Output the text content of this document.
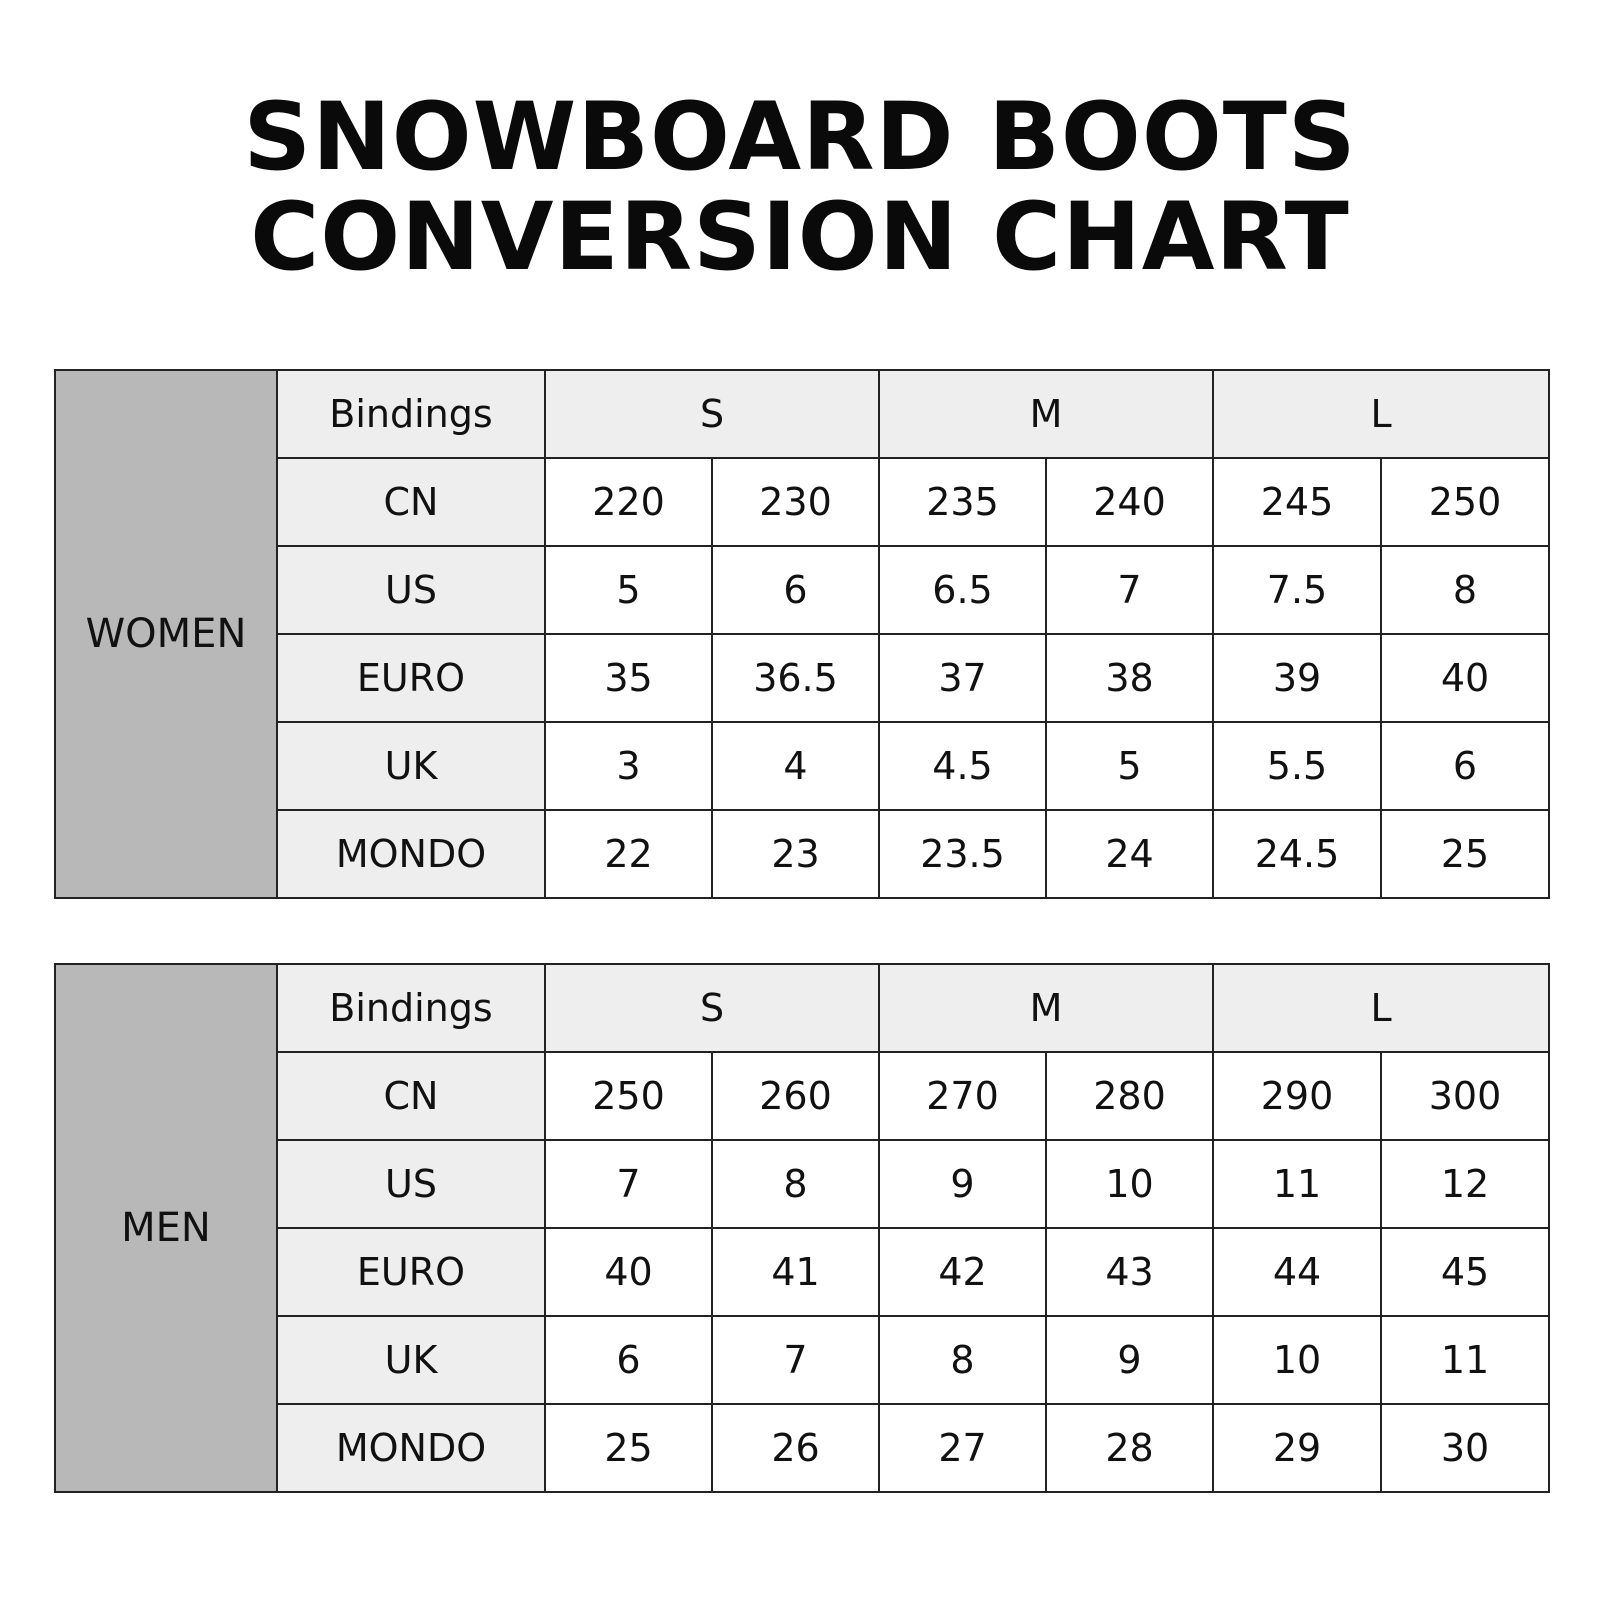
SNOWBOARD BOOTS
CONVERSION CHART
WOMEN	Bindings	S		M		L	
	CN	220	230	235	240	245	250
	US	5	6	6.5	7	7.5	8
	EURO	35	36.5	37	38	39	40
	UK	3	4	4.5	5	5.5	6
	MONDO	22	23	23.5	24	24.5	25
MEN	Bindings	S		M		L	
	CN	250	260	270	280	290	300
	US	7	8	9	10	11	12
	EURO	40	41	42	43	44	45
	UK	6	7	8	9	10	11
	MONDO	25	26	27	28	29	30
